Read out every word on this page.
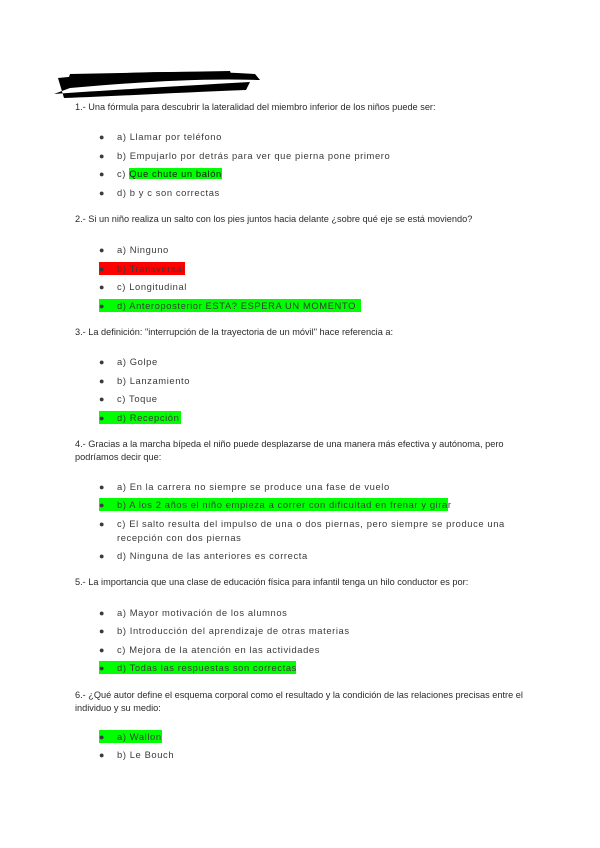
1.- Una fórmula para descubrir la lateralidad del miembro inferior de los niños puede ser:
●	a) Llamar por teléfono
●	b) Empujarlo por detrás para ver que pierna pone primero
●	c) Que chute un balón
●	d) b y c son correctas
2.- Si un niño realiza un salto con los pies juntos hacia delante ¿sobre qué eje se está moviendo?
●	a) Ninguno
●	b) Transversal
●	c) Longitudinal
●	d) Anteroposterior ESTA? ESPERA UN MOMENTO
3.- La definición: "interrupción de la trayectoria de un móvil" hace referencia a:
●	a) Golpe
●	b) Lanzamiento
●	c) Toque
●	d) Recepción
4.- Gracias a la marcha bípeda el niño puede desplazarse de una manera más efectiva y autónoma, pero podríamos decir que:
●	a) En la carrera no siempre se produce una fase de vuelo
●	b) A los 2 años el niño empieza a correr con dificultad en frenar y girar
●	c) El salto resulta del impulso de una o dos piernas, pero siempre se produce una recepción con dos piernas
●	d) Ninguna de las anteriores es correcta
5.- La importancia que una clase de educación física para infantil tenga un hilo conductor es por:
●	a) Mayor motivación de los alumnos
●	b) Introducción del aprendizaje de otras materias
●	c) Mejora de la atención en las actividades
●	d) Todas las respuestas son correctas
6.- ¿Qué autor define el esquema corporal como el resultado y la condición de las relaciones precisas entre el individuo y su medio:
●	a) Wallon
●	b) Le Bouch
